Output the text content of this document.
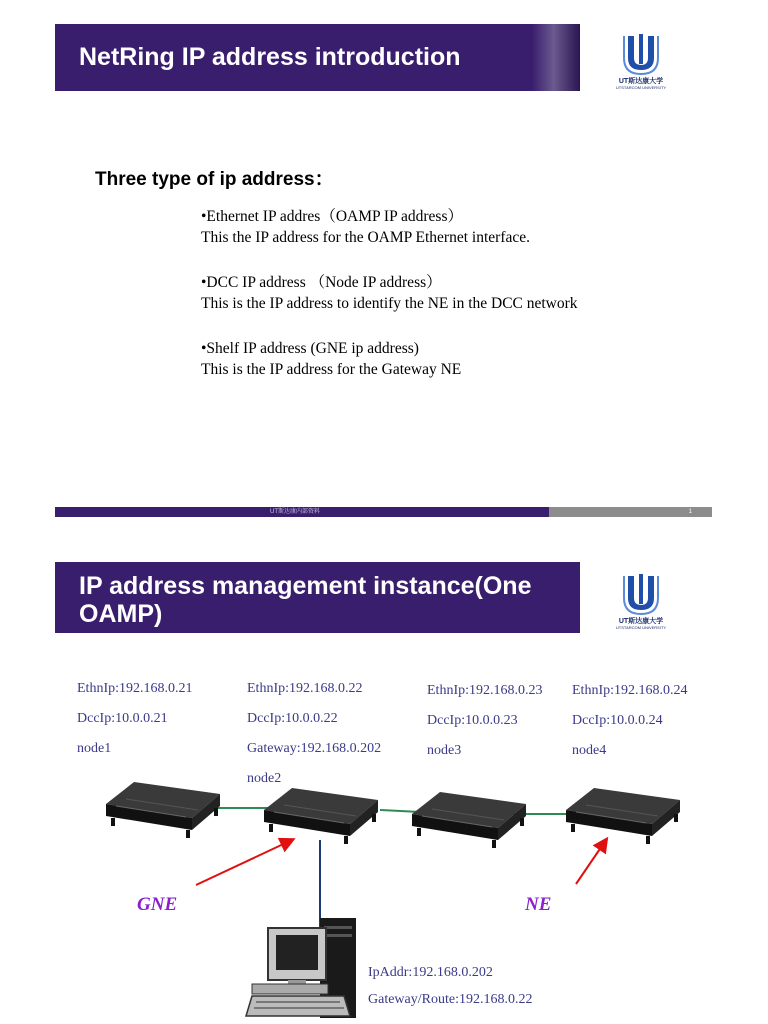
NetRing IP address introduction
UT斯达康大学
UTSTARCOM UNIVERSITY
Three type of ip address：
•Ethernet IP addres（OAMP IP address）
This the IP address for the OAMP Ethernet interface.
•DCC IP address （Node IP address）
This is the IP address to identify the NE in the DCC network
•Shelf IP address (GNE ip address)
This is the IP address for the Gateway NE
UT斯达康内部资料	1
IP address management instance(One OAMP)	UT斯达康大学
UTSTARCOM UNIVERSITY
EthnIp:192.168.0.21
DccIp:10.0.0.21
node1
EthnIp:192.168.0.22
DccIp:10.0.0.22
Gateway:192.168.0.202
node2
EthnIp:192.168.0.23
DccIp:10.0.0.23
node3
EthnIp:192.168.0.24
DccIp:10.0.0.24
node4
GNE	NE
IpAddr:192.168.0.202
Gateway/Route:192.168.0.22
